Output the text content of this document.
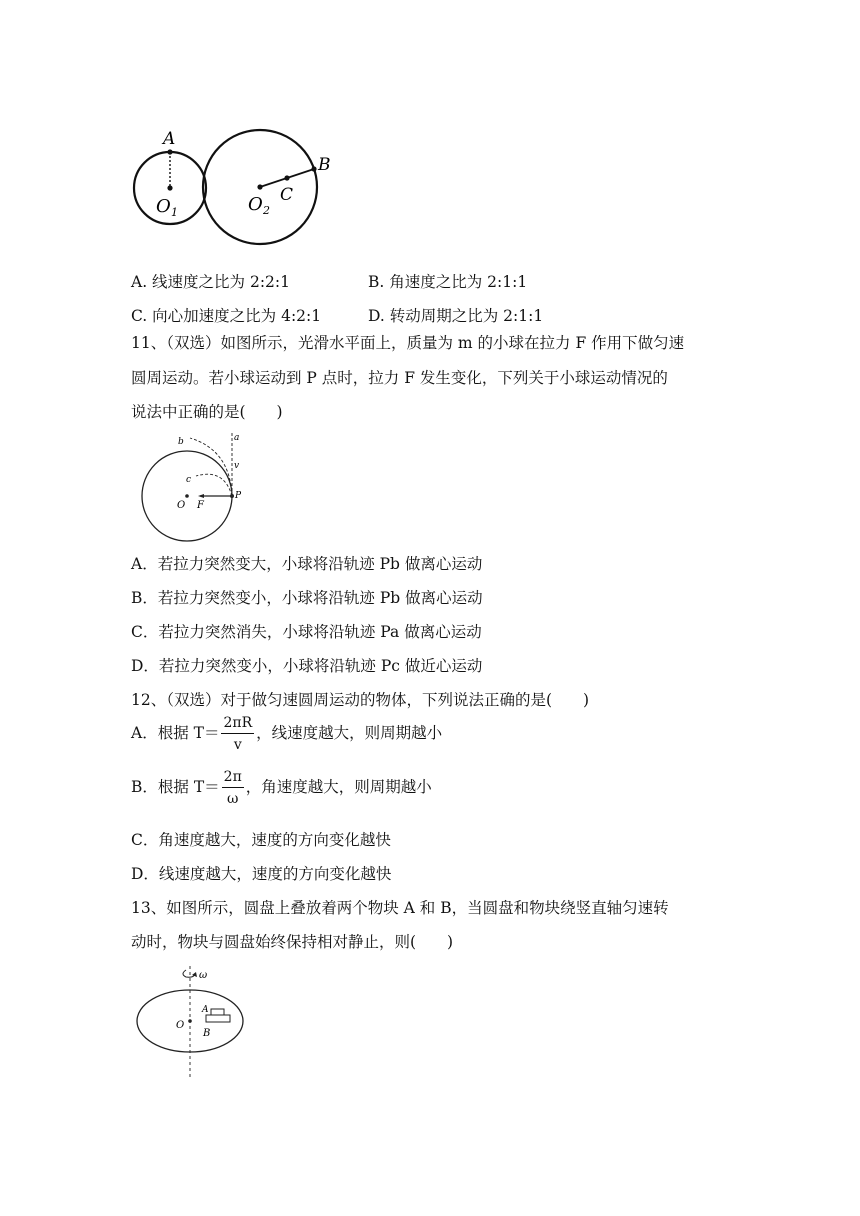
A
O 1	O 2
C
B
A. 线速度之比为 2:2:1	B. 角速度之比为 2:1:1
C. 向心加速度之比为 4:2:1	D. 转动周期之比为 2:1:1
11、（双选）如图所示，光滑水平面上，质量为 m 的小球在拉力 F 作用下做匀速
圆周运动。若小球运动到 P 点时，拉力 F 发生变化，下列关于小球运动情况的
说法中正确的是(　　)
a
b
v
c
P
O F
A．若拉力突然变大，小球将沿轨迹 Pb 做离心运动
B．若拉力突然变小，小球将沿轨迹 Pb 做离心运动
C．若拉力突然消失，小球将沿轨迹 Pa 做离心运动
D．若拉力突然变小，小球将沿轨迹 Pc 做近心运动
12、（双选）对于做匀速圆周运动的物体，下列说法正确的是(　　)
A．根据 $T= \frac{2\pi R}{v}$ ，线速度越大，则周期越小
B．根据 $T= \frac{2\pi}{\omega}$ ，角速度越大，则周期越小
C．角速度越大，速度的方向变化越快
D．线速度越大，速度的方向变化越快
13、如图所示，圆盘上叠放着两个物块 A 和 B，当圆盘和物块绕竖直轴匀速转
动时，物块与圆盘始终保持相对静止，则(　　)
ω
O
A
B
